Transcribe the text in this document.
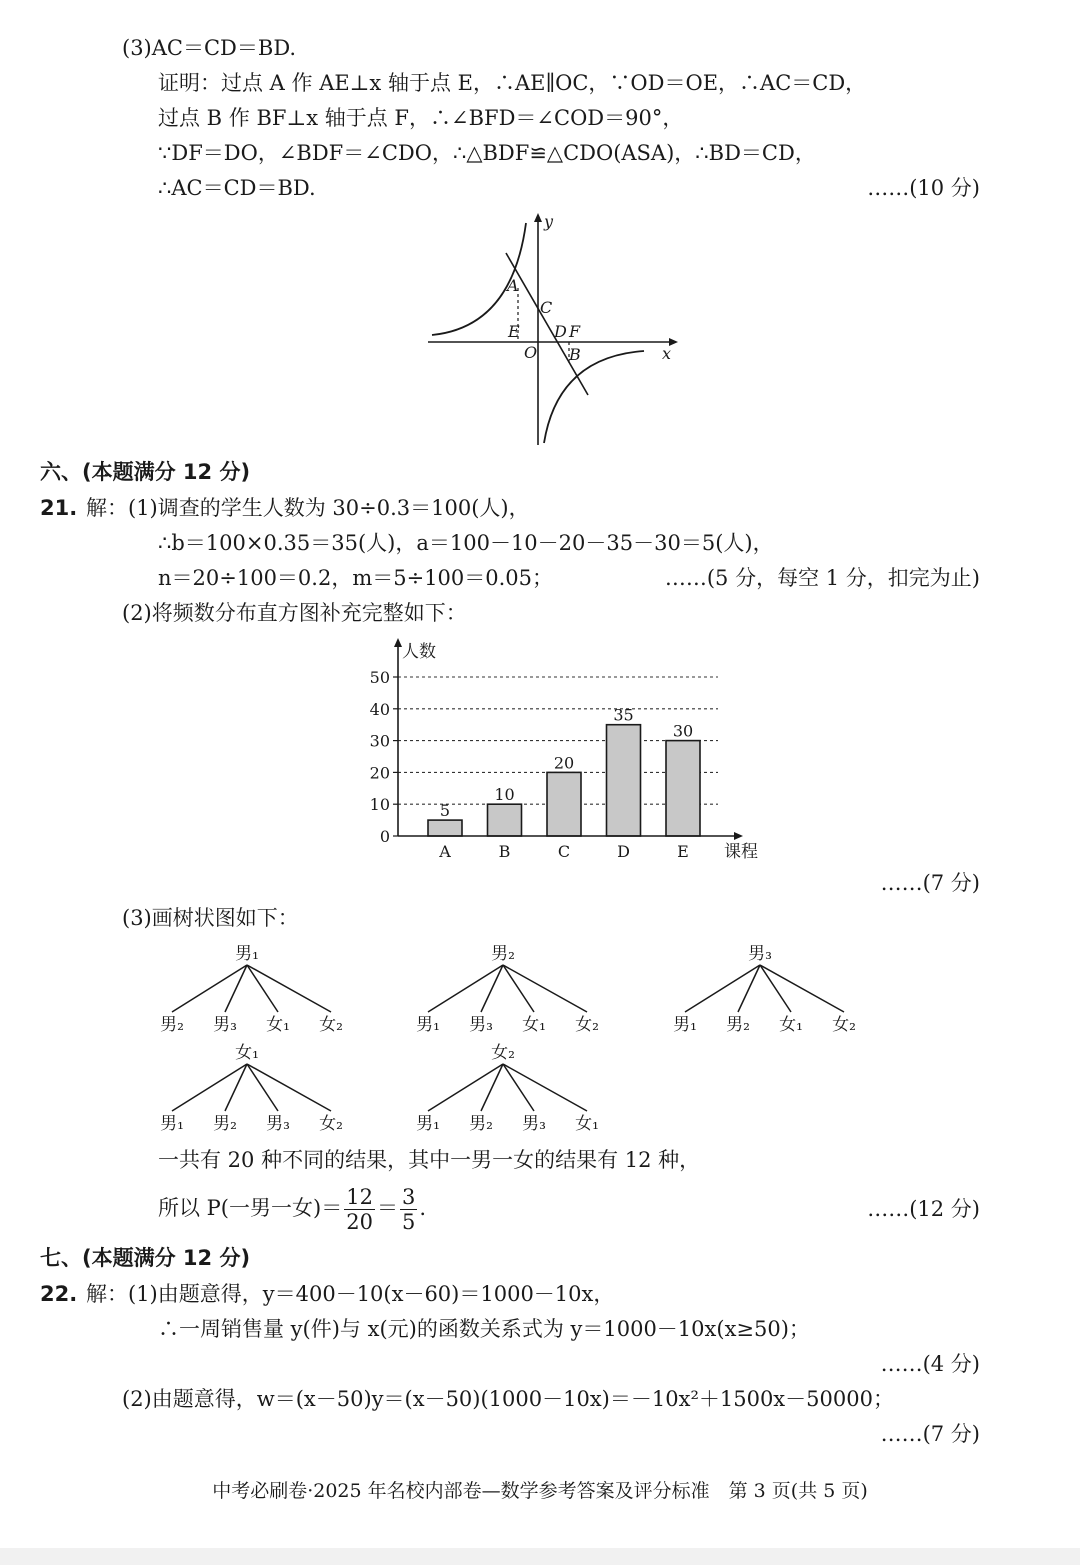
(3)AC＝CD＝BD.
证明：过点 A 作 AE⊥x 轴于点 E，∴AE∥OC，∵OD＝OE，∴AC＝CD，
过点 B 作 BF⊥x 轴于点 F，∴∠BFD＝∠COD＝90°，
∵DF＝DO，∠BDF＝∠CDO，∴△BDF≌△CDO(ASA)，∴BD＝CD，
∴AC＝CD＝BD.	……(10 分)
y
x
A
C
E D F
O B
六、(本题满分 12 分)
21. 解：(1)调查的学生人数为 30÷0.3＝100(人)，
∴b＝100×0.35＝35(人)，a＝100－10－20－35－30＝5(人)，
n＝20÷100＝0.2，m＝5÷100＝0.05；	……(5 分，每空 1 分，扣完为止)
(2)将频数分布直方图补充完整如下：
0
10
20
30
40
50
5
A
10
B
20
C
35
D
30
E
人数
课程
……(7 分)
(3)画树状图如下：
男₁
男₂ 男₃ 女₁ 女₂
男₂
男₁ 男₃ 女₁ 女₂
男₃
男₁ 男₂ 女₁ 女₂
女₁
男₁ 男₂ 男₃ 女₂
女₂
男₁ 男₂ 男₃ 女₁
一共有 20 种不同的结果，其中一男一女的结果有 12 种，
所以 P(一男一女)＝ $\frac{12}{20} = \frac{3}{5}$ .	……(12 分)
七、(本题满分 12 分)
22. 解：(1)由题意得，y＝400－10(x－60)＝1000－10x，
∴一周销售量 y(件)与 x(元)的函数关系式为 y＝1000－10x(x≥50)；
……(4 分)
(2)由题意得，w＝(x－50)y＝(x－50)(1000－10x)＝－10x²＋1500x－50000；
……(7 分)
中考必刷卷·2025 年名校内部卷—数学参考答案及评分标准　第 3 页(共 5 页)
